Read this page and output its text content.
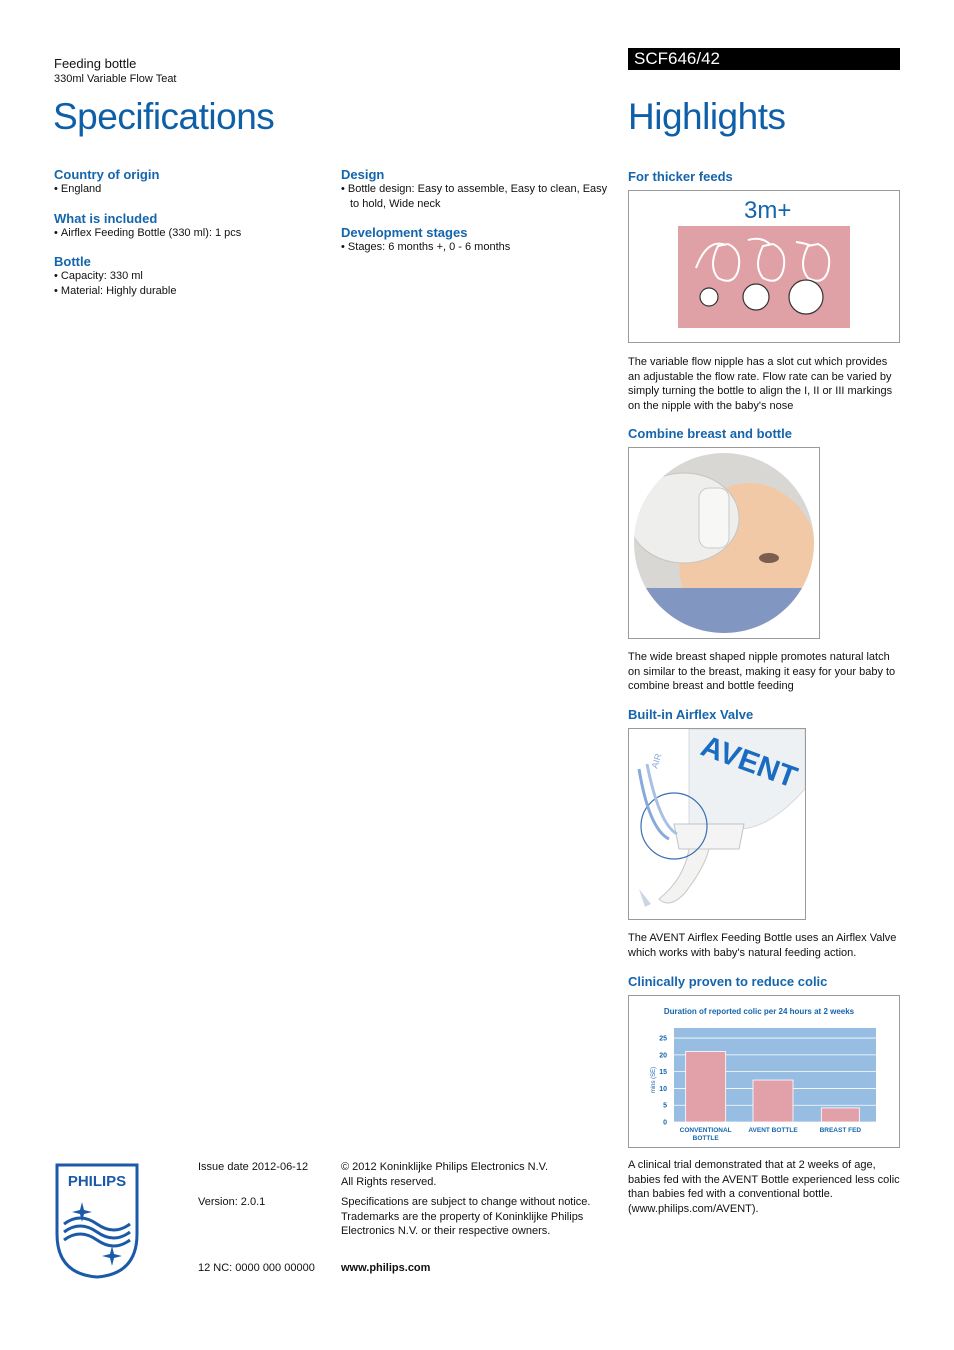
Feeding bottle
330ml Variable Flow Teat
SCF646/42
Specifications	Highlights
Country of origin
• England
What is included
• Airflex Feeding Bottle (330 ml): 1 pcs
Bottle
• Capacity: 330 ml
• Material: Highly durable
Design
• Bottle design: Easy to assemble, Easy to clean, Easy to hold, Wide neck
Development stages
• Stages: 6 months +, 0 - 6 months
For thicker feeds
3m+
The variable flow nipple has a slot cut which provides an adjustable the flow rate. Flow rate can be varied by simply turning the bottle to align the I, II or III markings on the nipple with the baby's nose
Combine breast and bottle
The wide breast shaped nipple promotes natural latch on similar to the breast, making it easy for your baby to combine breast and bottle feeding
Built-in Airflex Valve
AIR AVENT
The AVENT Airflex Feeding Bottle uses an Airflex Valve which works with baby's natural feeding action.
Clinically proven to reduce colic
Duration of reported colic per 24 hours at 2 weeks
0
5
10
15
20
25
CONVENTIONAL
BOTTLE
AVENT BOTTLE	BREAST FED
mins (SE)
A clinical trial demonstrated that at 2 weeks of age, babies fed with the AVENT Bottle experienced less colic than babies fed with a conventional bottle. (www.philips.com/AVENT).
PHILIPS
Issue date 2012-06-12
Version: 2.0.1
12 NC: 0000 000 00000
© 2012 Koninklijke Philips Electronics N.V.
All Rights reserved.
Specifications are subject to change without notice. Trademarks are the property of Koninklijke Philips Electronics N.V. or their respective owners.
www.philips.com
